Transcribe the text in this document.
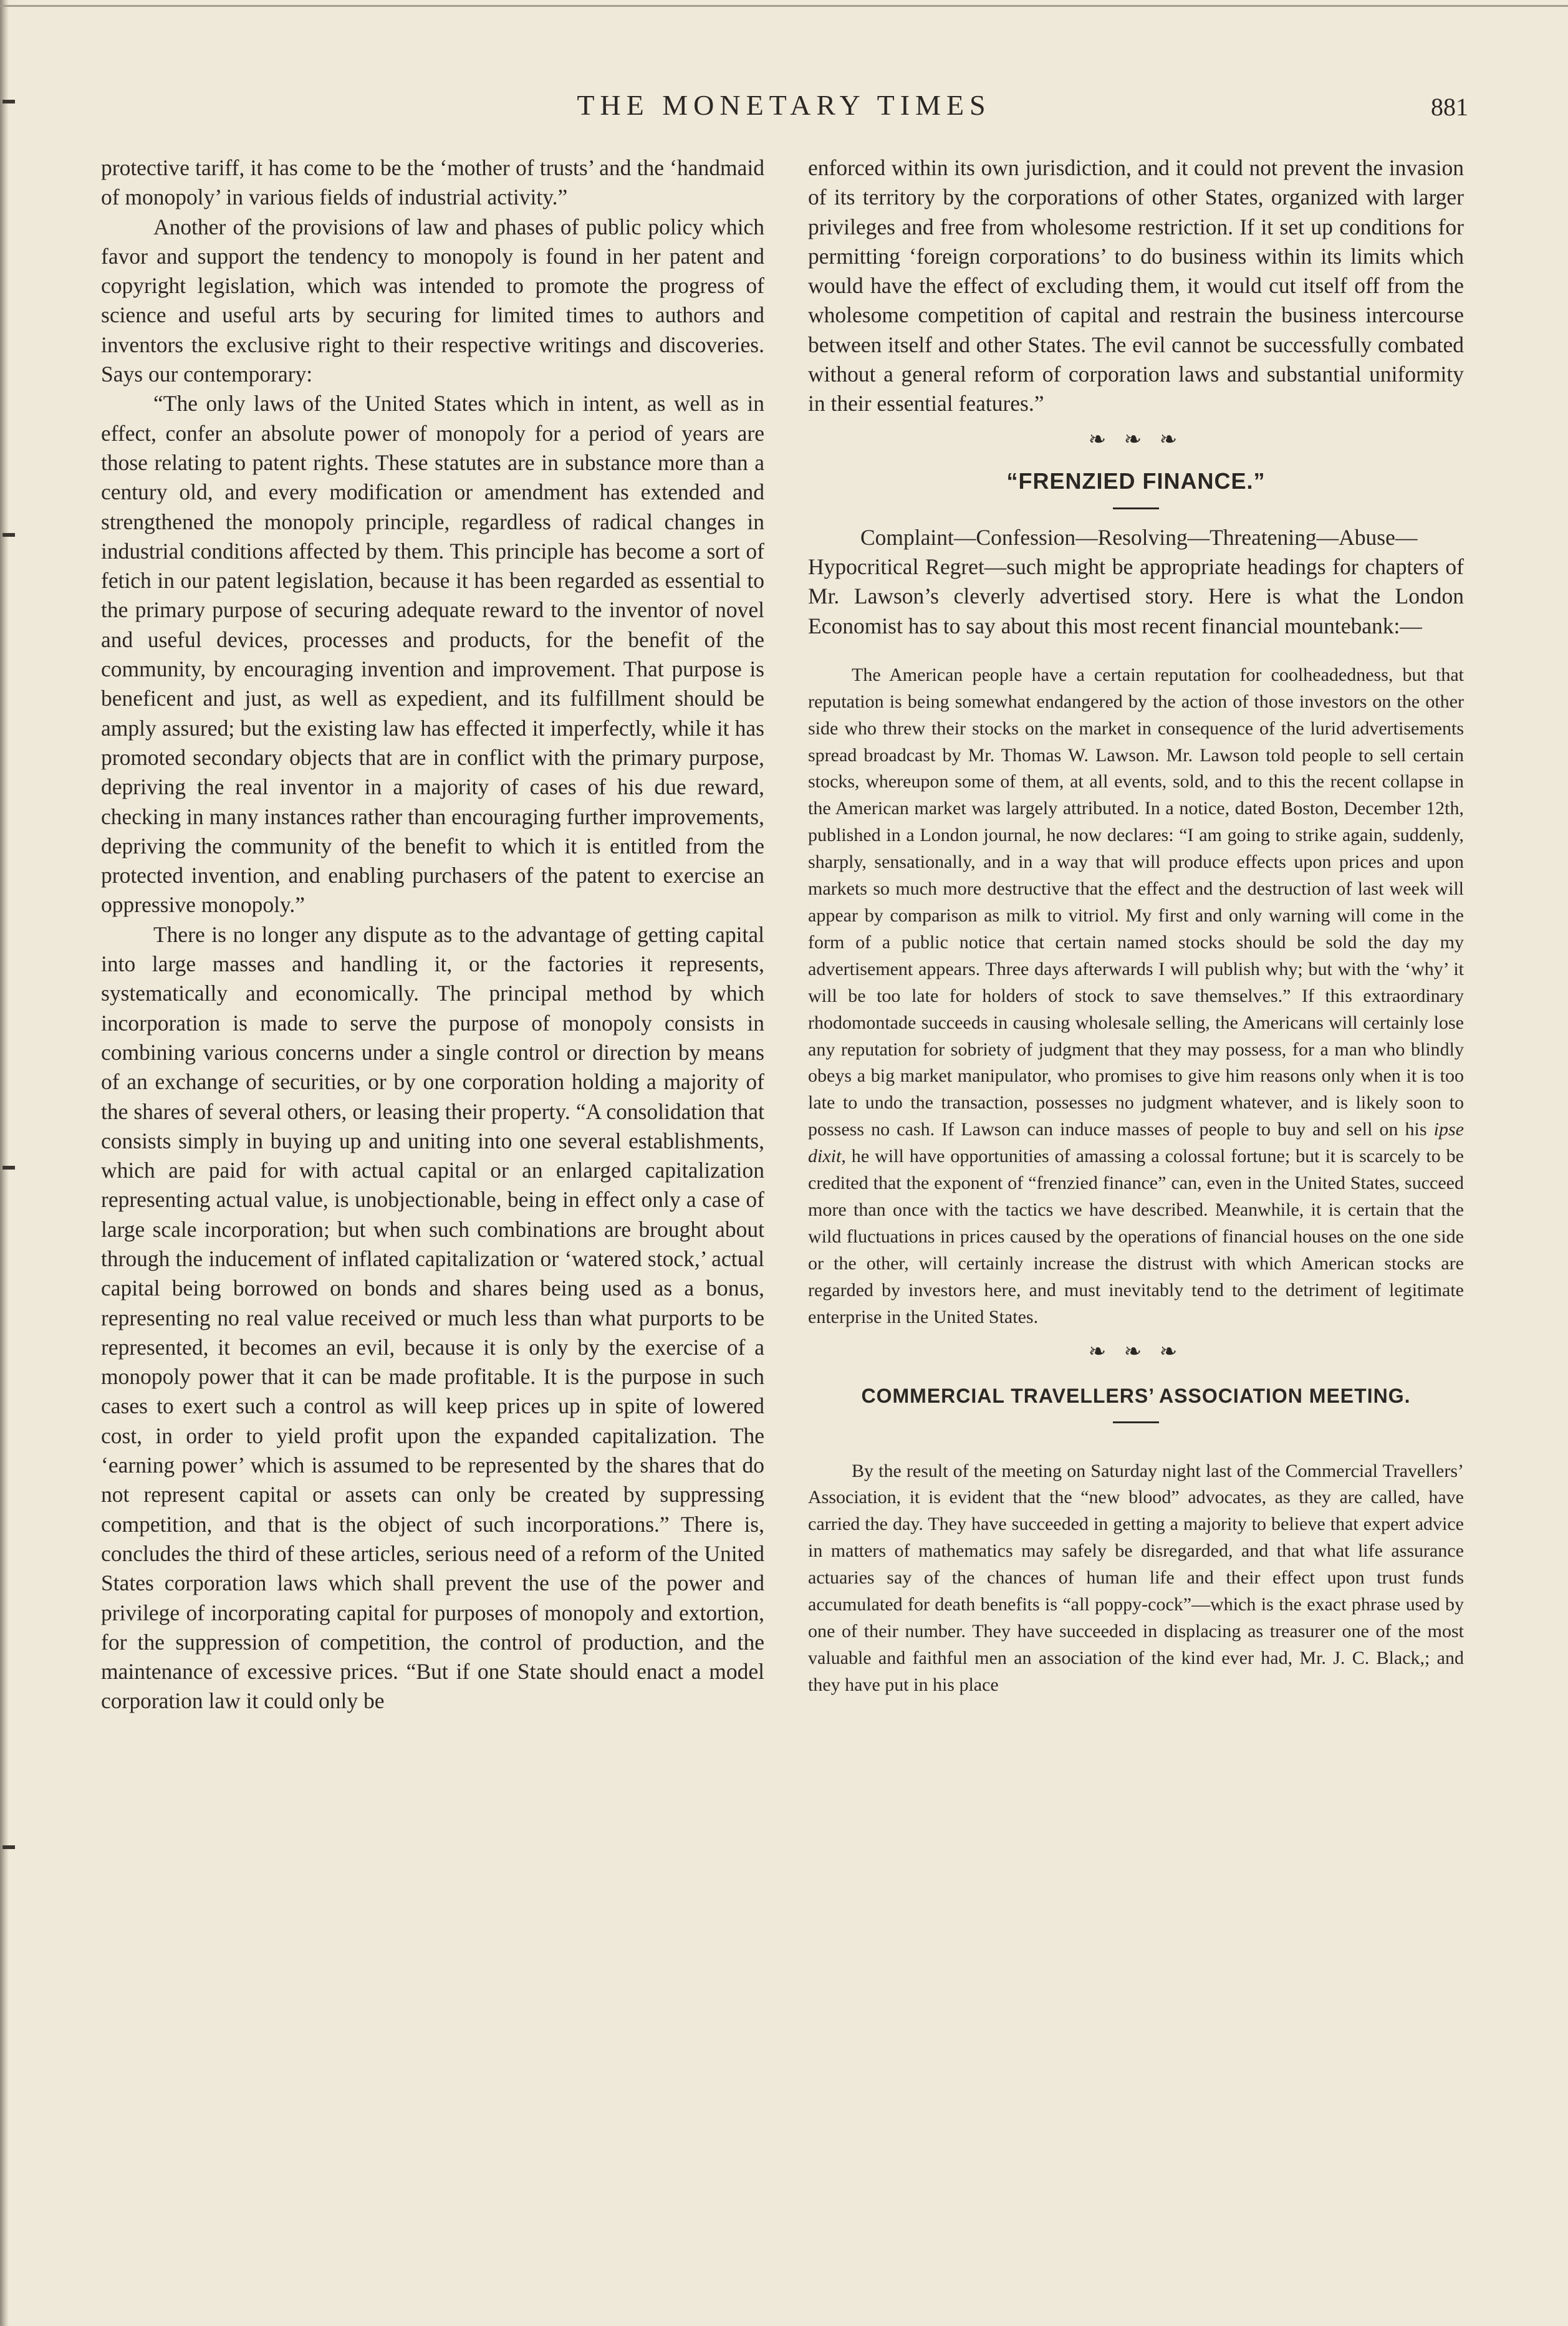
THE MONETARY TIMES	881

protective tariff, it has come to be the ‘mother of trusts’ and the ‘handmaid of monopoly’ in various fields of industrial activity.”

Another of the provisions of law and phases of public policy which favor and support the tendency to monopoly is found in her patent and copyright legislation, which was intended to promote the progress of science and useful arts by securing for limited times to authors and inventors the exclusive right to their respective writings and discoveries. Says our contemporary:

“The only laws of the United States which in intent, as well as in effect, confer an absolute power of monopoly for a period of years are those relating to patent rights. These statutes are in substance more than a century old, and every modification or amendment has extended and strengthened the monopoly principle, regardless of radical changes in industrial conditions affected by them. This principle has become a sort of fetich in our patent legislation, because it has been regarded as essential to the primary purpose of securing adequate reward to the inventor of novel and useful devices, processes and products, for the benefit of the community, by encouraging invention and improvement. That purpose is beneficent and just, as well as expedient, and its fulfillment should be amply assured; but the existing law has effected it imperfectly, while it has promoted secondary objects that are in conflict with the primary purpose, depriving the real inventor in a majority of cases of his due reward, checking in many instances rather than encouraging further improvements, depriving the community of the benefit to which it is entitled from the protected invention, and enabling purchasers of the patent to exercise an oppressive monopoly.”

There is no longer any dispute as to the advantage of getting capital into large masses and handling it, or the factories it represents, systematically and economically. The principal method by which incorporation is made to serve the purpose of monopoly consists in combining various concerns under a single control or direction by means of an exchange of securities, or by one corporation holding a majority of the shares of several others, or leasing their property. “A consolidation that consists simply in buying up and uniting into one several establishments, which are paid for with actual capital or an enlarged capitalization representing actual value, is unobjectionable, being in effect only a case of large scale incorporation; but when such combinations are brought about through the inducement of inflated capitalization or ‘watered stock,’ actual capital being borrowed on bonds and shares being used as a bonus, representing no real value received or much less than what purports to be represented, it becomes an evil, because it is only by the exercise of a monopoly power that it can be made profitable. It is the purpose in such cases to exert such a control as will keep prices up in spite of lowered cost, in order to yield profit upon the expanded capitalization. The ‘earning power’ which is assumed to be represented by the shares that do not represent capital or assets can only be created by suppressing competition, and that is the object of such incorporations.” There is, concludes the third of these articles, serious need of a reform of the United States corporation laws which shall prevent the use of the power and privilege of incorporating capital for purposes of monopoly and extortion, for the suppression of competition, the control of production, and the maintenance of excessive prices. “But if one State should enact a model corporation law it could only be

enforced within its own jurisdiction, and it could not prevent the invasion of its territory by the corporations of other States, organized with larger privileges and free from wholesome restriction. If it set up conditions for permitting ‘foreign corporations’ to do business within its limits which would have the effect of excluding them, it would cut itself off from the wholesome competition of capital and restrain the business intercourse between itself and other States. The evil cannot be successfully combated without a general reform of corporation laws and substantial uniformity in their essential features.”

❧ ❧ ❧
“FRENZIED FINANCE.”

Complaint—Confession—Resolving—Threatening—Abuse—Hypocritical Regret—such might be appropriate headings for chapters of Mr. Lawson’s cleverly advertised story. Here is what the London Economist has to say about this most recent financial mountebank:—

The American people have a certain reputation for coolheadedness, but that reputation is being somewhat endangered by the action of those investors on the other side who threw their stocks on the market in consequence of the lurid advertisements spread broadcast by Mr. Thomas W. Lawson. Mr. Lawson told people to sell certain stocks, whereupon some of them, at all events, sold, and to this the recent collapse in the American market was largely attributed. In a notice, dated Boston, December 12th, published in a London journal, he now declares: “I am going to strike again, suddenly, sharply, sensationally, and in a way that will produce effects upon prices and upon markets so much more destructive that the effect and the destruction of last week will appear by comparison as milk to vitriol. My first and only warning will come in the form of a public notice that certain named stocks should be sold the day my advertisement appears. Three days afterwards I will publish why; but with the ‘why’ it will be too late for holders of stock to save themselves.” If this extraordinary rhodomontade succeeds in causing wholesale selling, the Americans will certainly lose any reputation for sobriety of judgment that they may possess, for a man who blindly obeys a big market manipulator, who promises to give him reasons only when it is too late to undo the transaction, possesses no judgment whatever, and is likely soon to possess no cash. If Lawson can induce masses of people to buy and sell on his ipse dixit, he will have opportunities of amassing a colossal fortune; but it is scarcely to be credited that the exponent of “frenzied finance” can, even in the United States, succeed more than once with the tactics we have described. Meanwhile, it is certain that the wild fluctuations in prices caused by the operations of financial houses on the one side or the other, will certainly increase the distrust with which American stocks are regarded by investors here, and must inevitably tend to the detriment of legitimate enterprise in the United States.

❧ ❧ ❧
COMMERCIAL TRAVELLERS’ ASSOCIATION MEETING.

By the result of the meeting on Saturday night last of the Commercial Travellers’ Association, it is evident that the “new blood” advocates, as they are called, have carried the day. They have succeeded in getting a majority to believe that expert advice in matters of mathematics may safely be disregarded, and that what life assurance actuaries say of the chances of human life and their effect upon trust funds accumulated for death benefits is “all poppy-cock”—which is the exact phrase used by one of their number. They have succeeded in displacing as treasurer one of the most valuable and faithful men an association of the kind ever had, Mr. J. C. Black,; and they have put in his place
